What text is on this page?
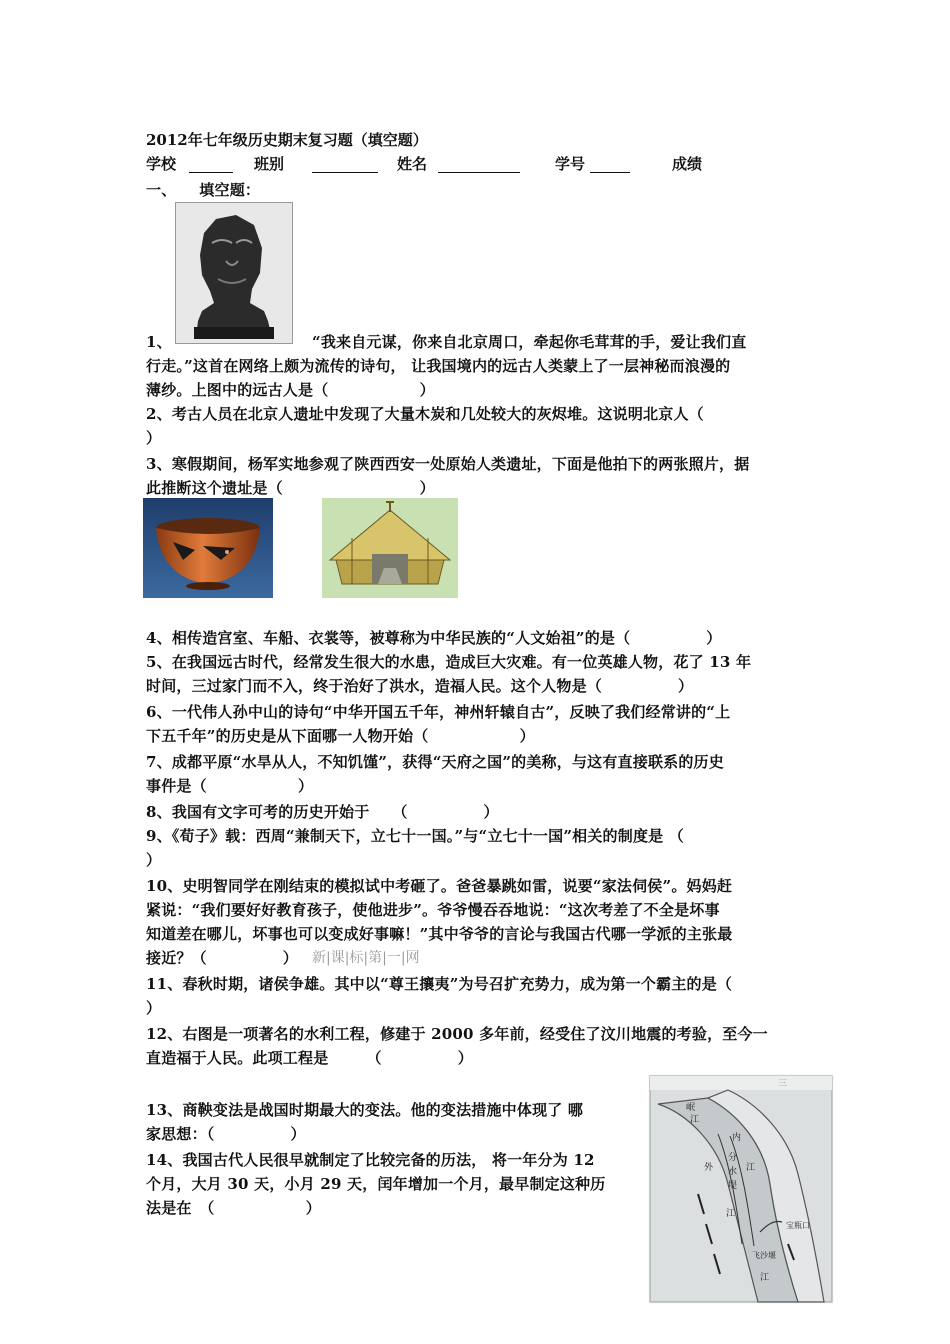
2012年七年级历史期末复习题（填空题）
学校	班别	姓名	学号	成绩
一、　　填空题：
1、	“我来自元谋，你来自北京周口，牵起你毛茸茸的手，爱让我们直
行走。”这首在网络上颇为流传的诗句， 让我国境内的远古人类蒙上了一层神秘而浪漫的
薄纱。上图中的远古人是（　　　　　　）
2、考古人员在北京人遗址中发现了大量木炭和几处较大的灰烬堆。这说明北京人（
）
3、寒假期间，杨军实地参观了陕西西安一处原始人类遗址，下面是他拍下的两张照片，据
此推断这个遗址是（　　　　　　　　　）
4、相传造宫室、车船、衣裳等，被尊称为中华民族的“人文始祖”的是（　　　　　）
5、在我国远古时代，经常发生很大的水患，造成巨大灾难。有一位英雄人物，花了 13 年
时间，三过家门而不入，终于治好了洪水，造福人民。这个人物是（　　　　　）
6、一代伟人孙中山的诗句“中华开国五千年，神州轩辕自古”，反映了我们经常讲的“上
下五千年”的历史是从下面哪一人物开始（　　　　　　）
7、成都平原“水旱从人，不知饥馑”，获得“天府之国”的美称，与这有直接联系的历史
事件是（　　　　　　）
8、我国有文字可考的历史开始于　　（　　　　　）
9、《荀子》载：西周“兼制天下，立七十一国。”与“立七十一国”相关的制度是 （
）
10、史明智同学在刚结束的模拟试中考砸了。爸爸暴跳如雷，说要“家法伺侯”。妈妈赶
紧说：“我们要好好教育孩子，使他进步”。爷爷慢吞吞地说：“这次考差了不全是坏事
知道差在哪儿，坏事也可以变成好事嘛！”其中爷爷的言论与我国古代哪一学派的主张最
接近？（　　　　　） 新|课|标|第|一|网
11、春秋时期，诸侯争雄。其中以“尊王攘夷”为号召扩充势力，成为第一个霸主的是（
）
12、右图是一项著名的水利工程，修建于 2000 多年前，经受住了汶川地震的考验，至今一
直造福于人民。此项工程是　　　（　　　　　）
13、商鞅变法是战国时期最大的变法。他的变法措施中体现了 哪
家思想：（　　　　　）
14、我国古代人民很早就制定了比较完备的历法， 将一年分为 12
个月，大月 30 天，小月 29 天，闰年增加一个月，最早制定这种历
法是在　（　　　　　　）
岷
江
内
江
外
分
水
堤
江
宝瓶口
飞沙堰
江
三
